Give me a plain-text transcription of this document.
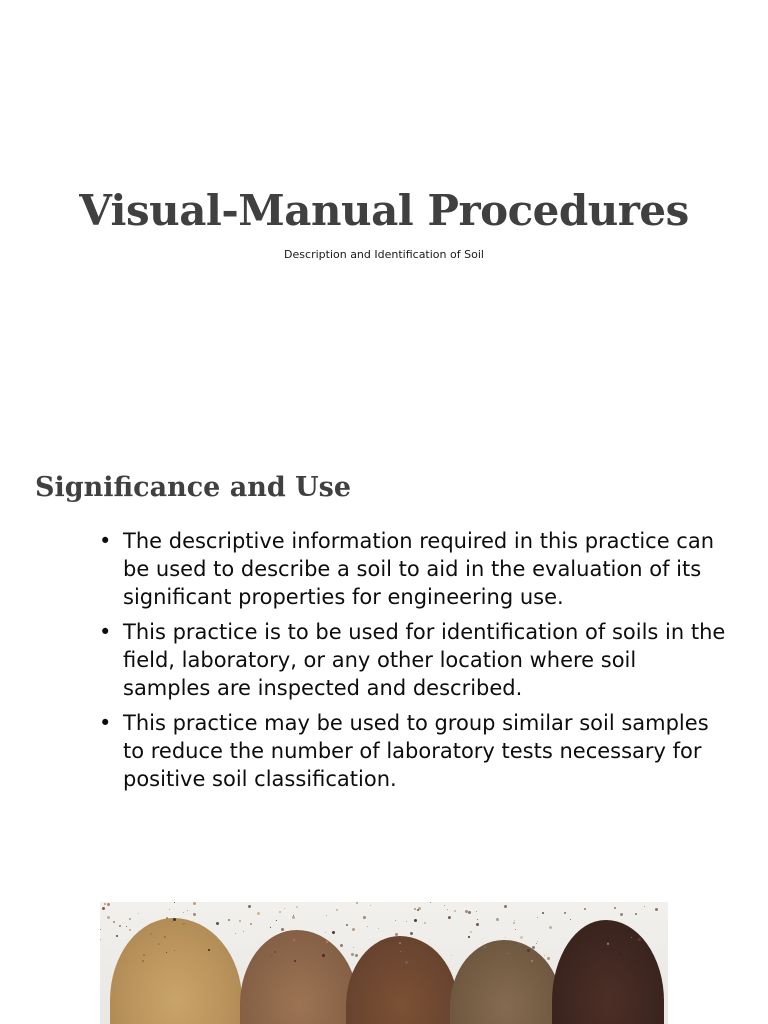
Visual-Manual Procedures

Description and Identification of Soil

Significance and Use
• The descriptive information required in this practice can be used to describe a soil to aid in the evaluation of its significant properties for engineering use.
• This practice is to be used for identification of soils in the field, laboratory, or any other location where soil samples are inspected and described.
• This practice may be used to group similar soil samples to reduce the number of laboratory tests necessary for positive soil classification.
